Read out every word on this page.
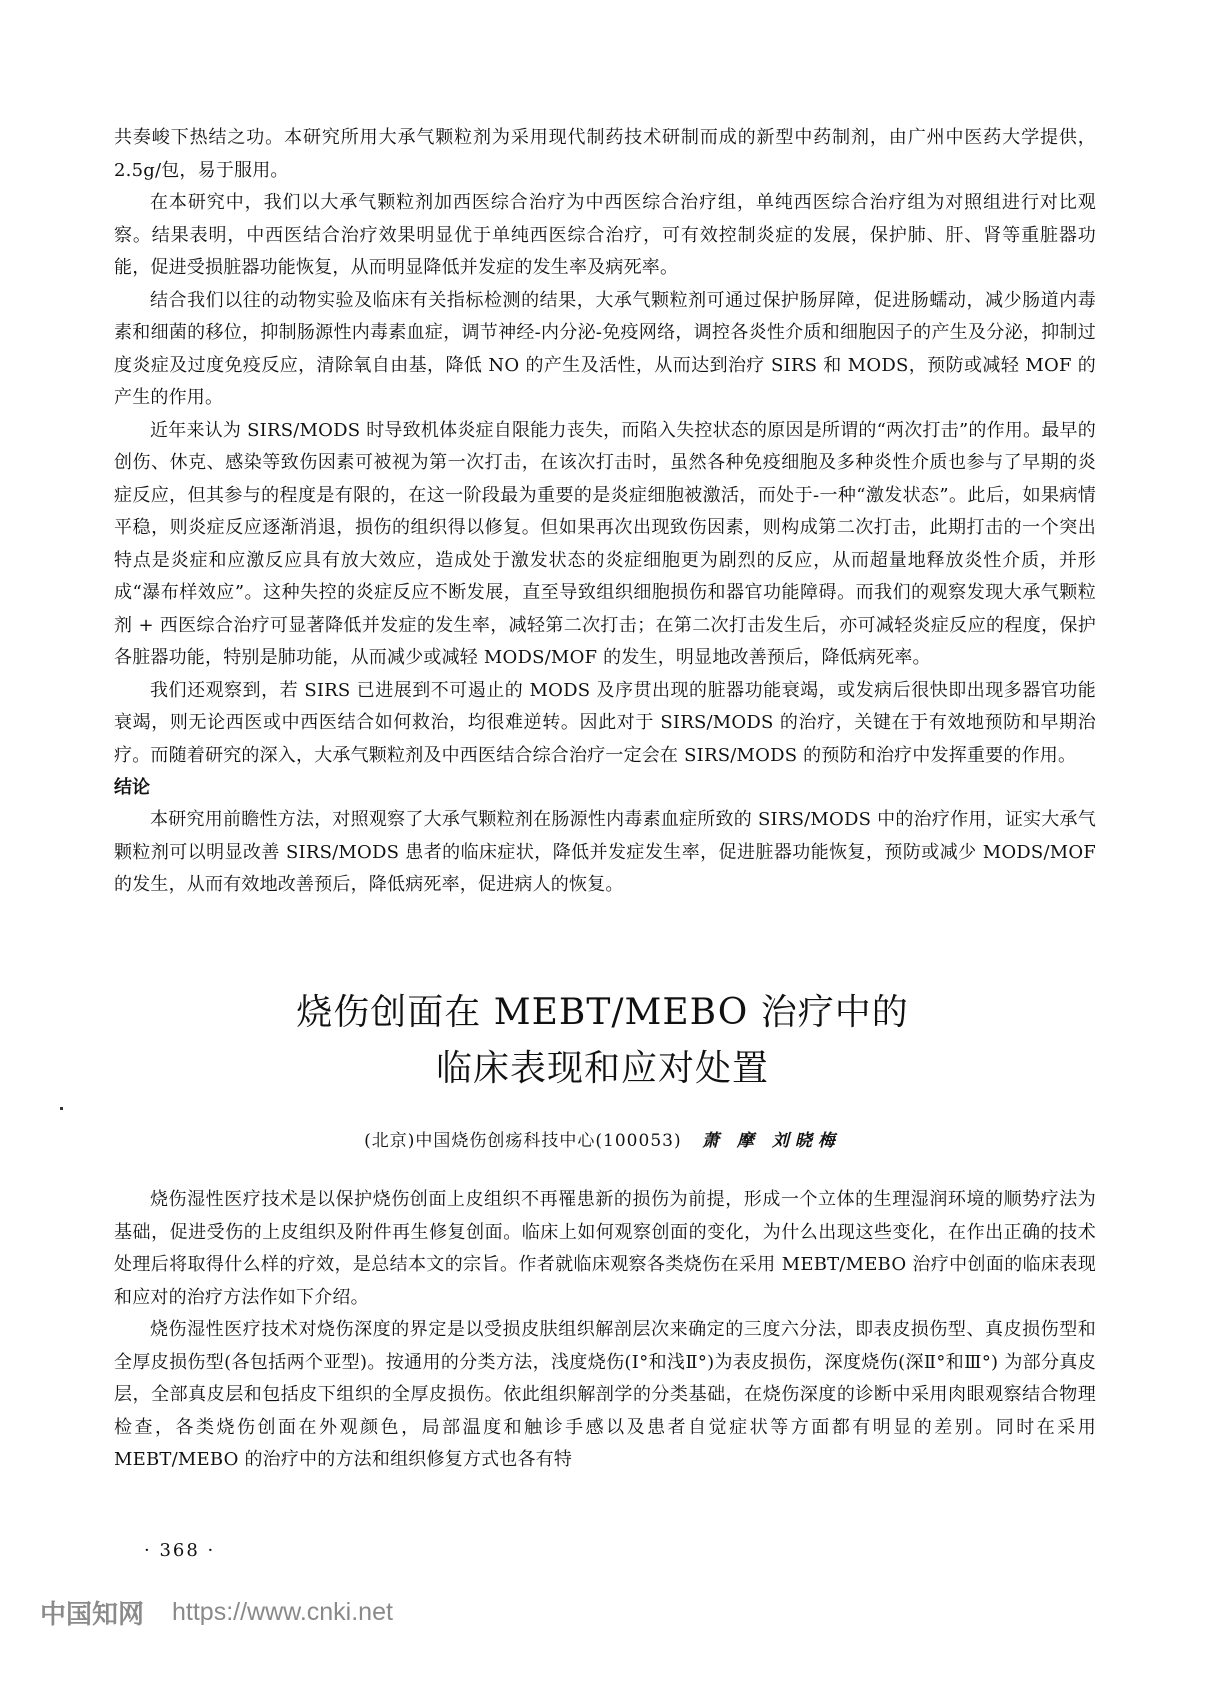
共奏峻下热结之功。本研究所用大承气颗粒剂为采用现代制药技术研制而成的新型中药制剂，由广州中医药大学提供，2.5g/包，易于服用。

在本研究中，我们以大承气颗粒剂加西医综合治疗为中西医综合治疗组，单纯西医综合治疗组为对照组进行对比观察。结果表明，中西医结合治疗效果明显优于单纯西医综合治疗，可有效控制炎症的发展，保护肺、肝、肾等重脏器功能，促进受损脏器功能恢复，从而明显降低并发症的发生率及病死率。

结合我们以往的动物实验及临床有关指标检测的结果，大承气颗粒剂可通过保护肠屏障，促进肠蠕动，减少肠道内毒素和细菌的移位，抑制肠源性内毒素血症，调节神经-内分泌-免疫网络，调控各炎性介质和细胞因子的产生及分泌，抑制过度炎症及过度免疫反应，清除氧自由基，降低 NO 的产生及活性，从而达到治疗 SIRS 和 MODS，预防或减轻 MOF 的产生的作用。

近年来认为 SIRS/MODS 时导致机体炎症自限能力丧失，而陷入失控状态的原因是所谓的“两次打击”的作用。最早的创伤、休克、感染等致伤因素可被视为第一次打击，在该次打击时，虽然各种免疫细胞及多种炎性介质也参与了早期的炎症反应，但其参与的程度是有限的，在这一阶段最为重要的是炎症细胞被激活，而处于-一种“激发状态”。此后，如果病情平稳，则炎症反应逐渐消退，损伤的组织得以修复。但如果再次出现致伤因素，则构成第二次打击，此期打击的一个突出特点是炎症和应激反应具有放大效应，造成处于激发状态的炎症细胞更为剧烈的反应，从而超量地释放炎性介质，并形成“瀑布样效应”。这种失控的炎症反应不断发展，直至导致组织细胞损伤和器官功能障碍。而我们的观察发现大承气颗粒剂 + 西医综合治疗可显著降低并发症的发生率，减轻第二次打击；在第二次打击发生后，亦可减轻炎症反应的程度，保护各脏器功能，特别是肺功能，从而减少或减轻 MODS/MOF 的发生，明显地改善预后，降低病死率。

我们还观察到，若 SIRS 已进展到不可遏止的 MODS 及序贯出现的脏器功能衰竭，或发病后很快即出现多器官功能衰竭，则无论西医或中西医结合如何救治，均很难逆转。因此对于 SIRS/MODS 的治疗，关键在于有效地预防和早期治疗。而随着研究的深入，大承气颗粒剂及中西医结合综合治疗一定会在 SIRS/MODS 的预防和治疗中发挥重要的作用。

结论

本研究用前瞻性方法，对照观察了大承气颗粒剂在肠源性内毒素血症所致的 SIRS/MODS 中的治疗作用，证实大承气颗粒剂可以明显改善 SIRS/MODS 患者的临床症状，降低并发症发生率，促进脏器功能恢复，预防或减少 MODS/MOF 的发生，从而有效地改善预后，降低病死率，促进病人的恢复。

烧伤创面在 MEBT/MEBO 治疗中的
临床表现和应对处置
(北京)中国烧伤创疡科技中心(100053) 萧 摩 刘晓梅

烧伤湿性医疗技术是以保护烧伤创面上皮组织不再罹患新的损伤为前提，形成一个立体的生理湿润环境的顺势疗法为基础，促进受伤的上皮组织及附件再生修复创面。临床上如何观察创面的变化，为什么出现这些变化，在作出正确的技术处理后将取得什么样的疗效，是总结本文的宗旨。作者就临床观察各类烧伤在采用 MEBT/MEBO 治疗中创面的临床表现和应对的治疗方法作如下介绍。

烧伤湿性医疗技术对烧伤深度的界定是以受损皮肤组织解剖层次来确定的三度六分法，即表皮损伤型、真皮损伤型和全厚皮损伤型(各包括两个亚型)。按通用的分类方法，浅度烧伤(Ⅰ°和浅Ⅱ°)为表皮损伤，深度烧伤(深Ⅱ°和Ⅲ°) 为部分真皮层，全部真皮层和包括皮下组织的全厚皮损伤。依此组织解剖学的分类基础，在烧伤深度的诊断中采用肉眼观察结合物理检查，各类烧伤创面在外观颜色，局部温度和触诊手感以及患者自觉症状等方面都有明显的差别。同时在采用 MEBT/MEBO 的治疗中的方法和组织修复方式也各有特

· 368 ·
中国知网 https://www.cnki.net
